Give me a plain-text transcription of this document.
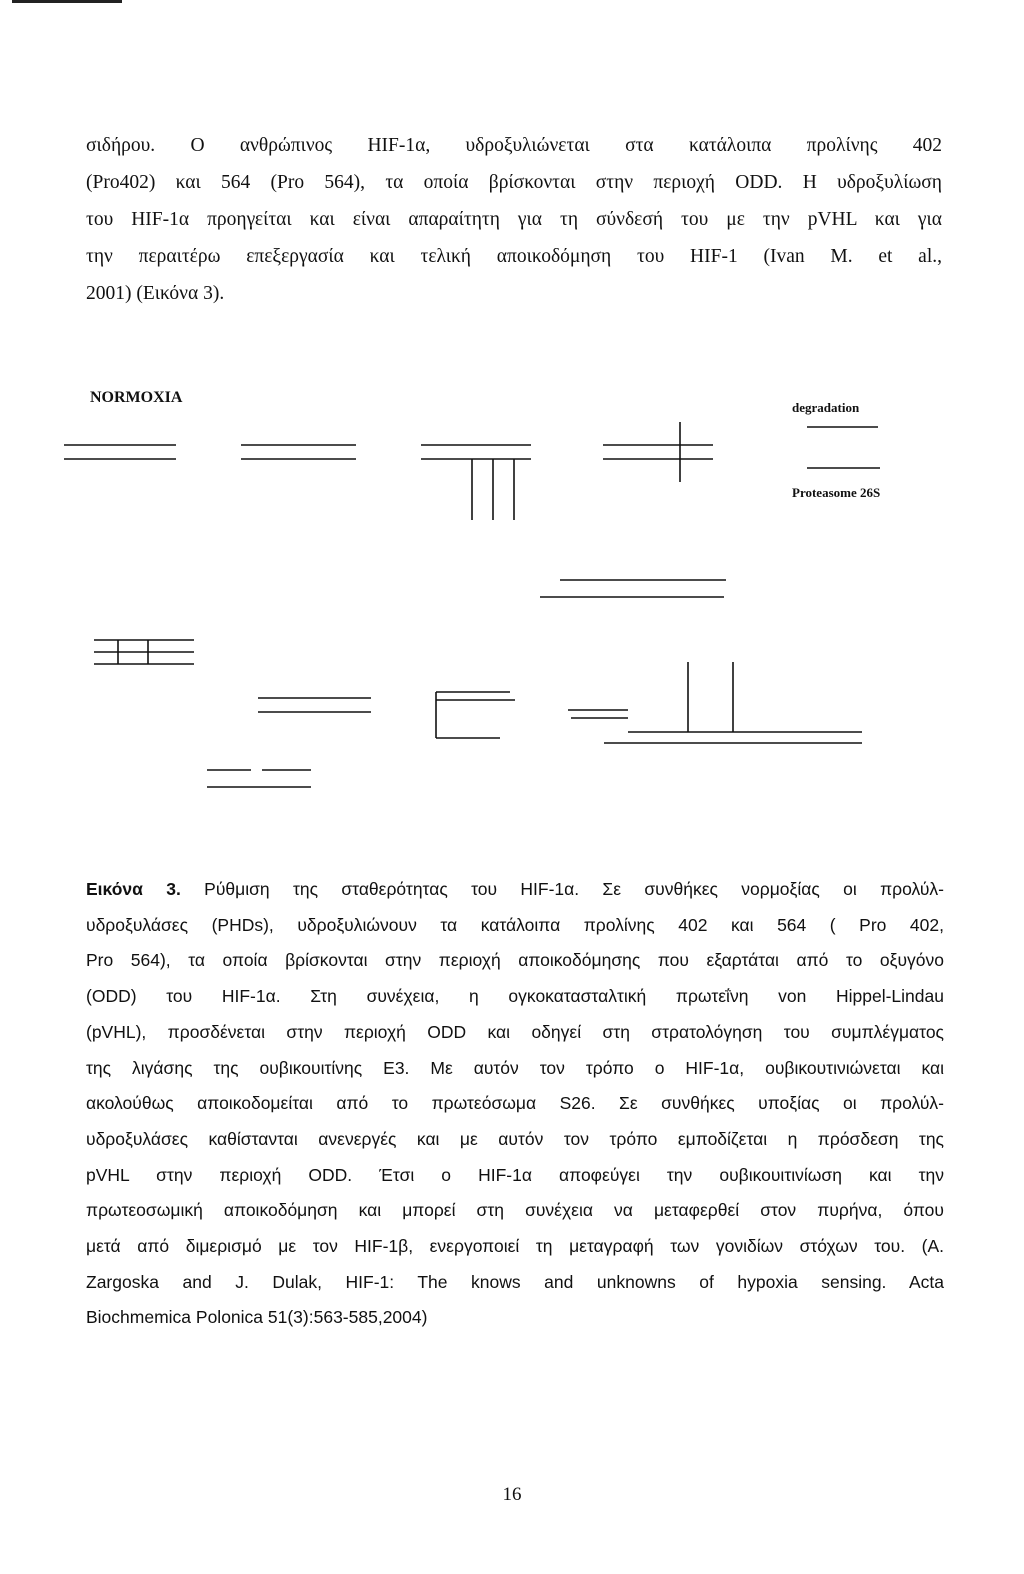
σιδήρου. Ο ανθρώπινος HIF-1α, υδροξυλιώνεται στα κατάλοιπα προλίνης 402
(Pro402) και 564 (Pro 564), τα οποία βρίσκονται στην περιοχή ODD. Η υδροξυλίωση
του HIF-1α προηγείται και είναι απαραίτητη για τη σύνδεσή του με την pVHL και για
την περαιτέρω επεξεργασία και τελική αποικοδόμηση του HIF-1 (Ivan M. et al.,
2001) (Εικόνα 3).
NORMOXIA
degradation
Proteasome 26S
Εικόνα 3. Ρύθμιση της σταθερότητας του HIF-1α. Σε συνθήκες νορμοξίας οι προλύλ-
υδροξυλάσες (PHDs), υδροξυλιώνουν τα κατάλοιπα προλίνης 402 και 564 ( Pro 402,
Pro 564), τα οποία βρίσκονται στην περιοχή αποικοδόμησης που εξαρτάται από το οξυγόνο
(ODD) του HIF-1α. Στη συνέχεια, η ογκοκατασταλτική πρωτεΐνη von Hippel-Lindau
(pVHL), προσδένεται στην περιοχή ODD και οδηγεί στη στρατολόγηση του συμπλέγματος
της λιγάσης της ουβικουιτίνης E3. Με αυτόν τον τρόπο ο HIF-1α, ουβικουτινιώνεται και
ακολούθως αποικοδομείται από το πρωτεόσωμα S26. Σε συνθήκες υποξίας οι προλύλ-
υδροξυλάσες καθίστανται ανενεργές και με αυτόν τον τρόπο εμποδίζεται η πρόσδεση της
pVHL στην περιοχή ODD. Έτσι ο HIF-1α αποφεύγει την ουβικουιτινίωση και την
πρωτεοσωμική αποικοδόμηση και μπορεί στη συνέχεια να μεταφερθεί στον πυρήνα, όπου
μετά από διμερισμό με τον HIF-1β, ενεργοποιεί τη μεταγραφή των γονιδίων στόχων του. (A.
Zargoska and J. Dulak, HIF-1: The knows and unknowns of hypoxia sensing. Acta
Biochmemica Polonica 51(3):563-585,2004)
16
